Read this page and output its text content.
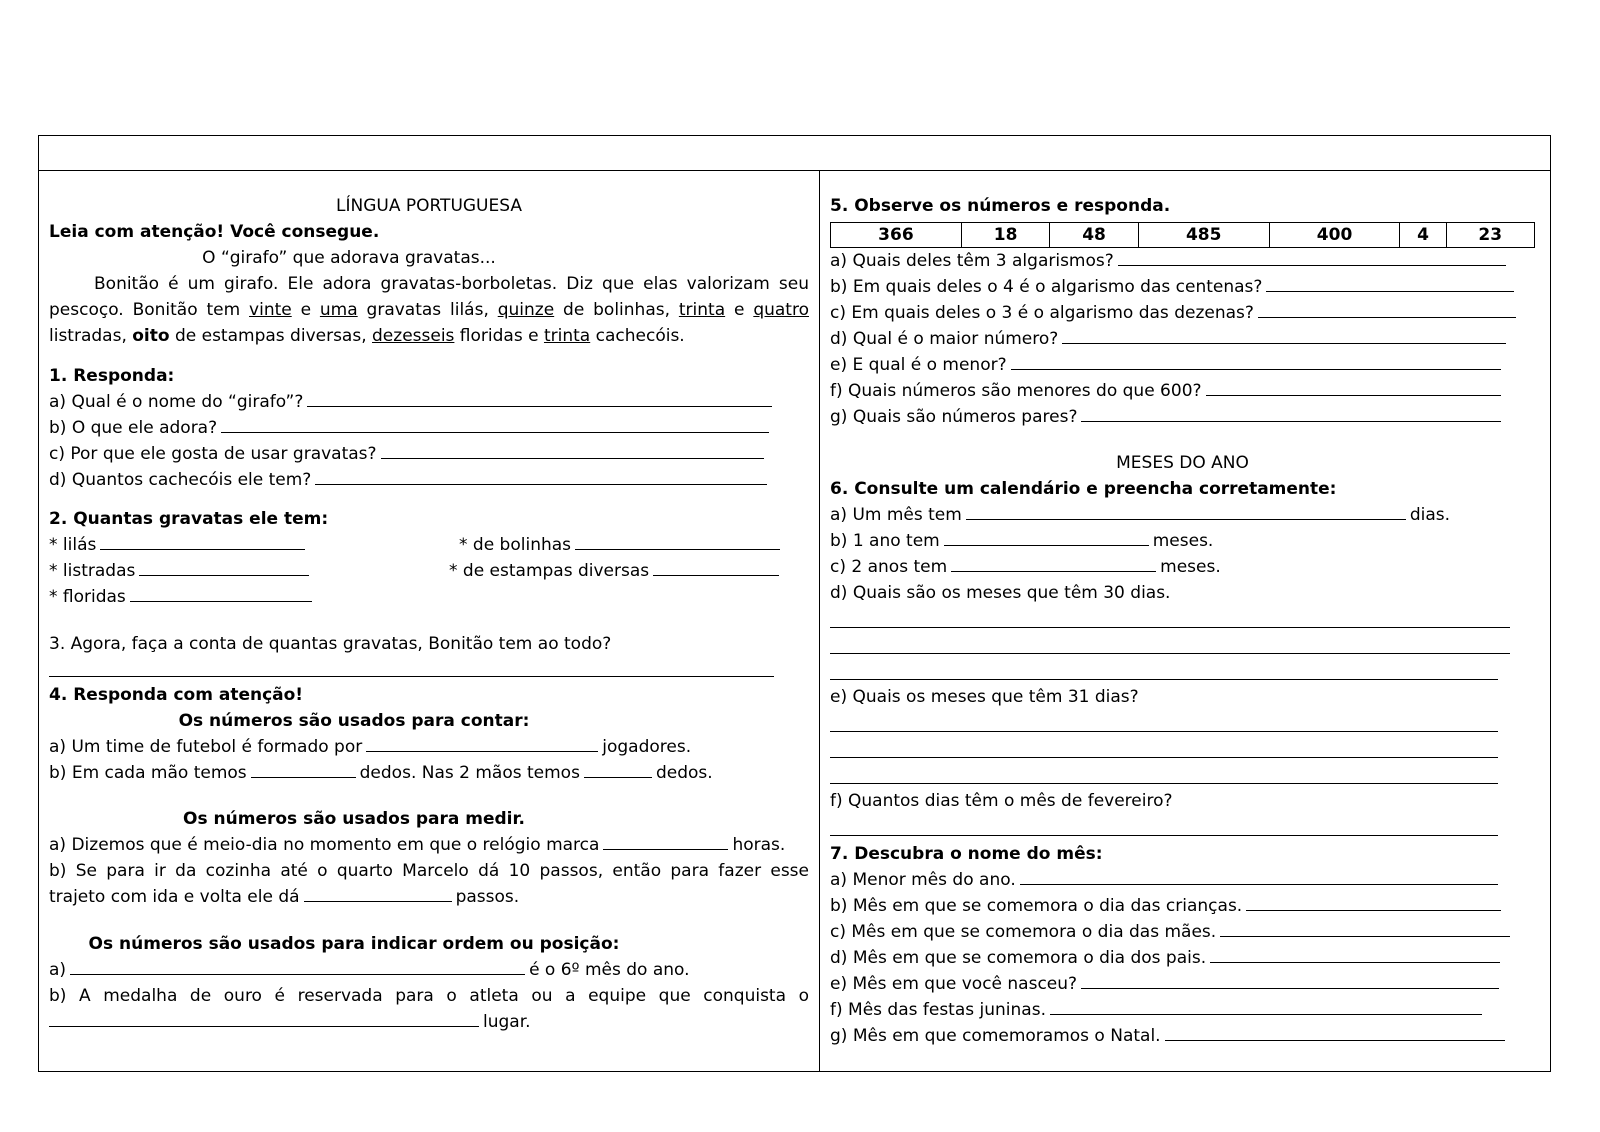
LÍNGUA PORTUGUESA
Leia com atenção! Você consegue.
O “girafo” que adorava gravatas...
Bonitão é um girafo. Ele adora gravatas-borboletas. Diz que elas valorizam seu
pescoço. Bonitão tem vinte e uma gravatas lilás, quinze de bolinhas, trinta e quatro
listradas, oito de estampas diversas, dezesseis floridas e trinta cachecóis.
1. Responda:
a) Qual é o nome do “girafo”?
b) O que ele adora?
c) Por que ele gosta de usar gravatas?
d) Quantos cachecóis ele tem?
2. Quantas gravatas ele tem:
* lilás	* de bolinhas
* listradas	* de estampas diversas
* floridas
3. Agora, faça a conta de quantas gravatas, Bonitão tem ao todo?
4. Responda com atenção!
Os números são usados para contar:
a) Um time de futebol é formado por	jogadores.
b) Em cada mão temos	dedos. Nas 2 mãos temos	dedos.
Os números são usados para medir.
a) Dizemos que é meio-dia no momento em que o relógio marca	horas.
b) Se para ir da cozinha até o quarto Marcelo dá 10 passos, então para fazer esse
trajeto com ida e volta ele dá	passos.
Os números são usados para indicar ordem ou posição:
a)	é o 6º mês do ano.
b) A medalha de ouro é reservada para o atleta ou a equipe que conquista o
lugar.
5. Observe os números e responda.
366	18	48	485	400	4	23
a) Quais deles têm 3 algarismos?
b) Em quais deles o 4 é o algarismo das centenas?
c) Em quais deles o 3 é o algarismo das dezenas?
d) Qual é o maior número?
e) E qual é o menor?
f) Quais números são menores do que 600?
g) Quais são números pares?
MESES DO ANO
6. Consulte um calendário e preencha corretamente:
a) Um mês tem	dias.
b) 1 ano tem	meses.
c) 2 anos tem	meses.
d) Quais são os meses que têm 30 dias.
e) Quais os meses que têm 31 dias?
f) Quantos dias têm o mês de fevereiro?
7. Descubra o nome do mês:
a) Menor mês do ano.
b) Mês em que se comemora o dia das crianças.
c) Mês em que se comemora o dia das mães.
d) Mês em que se comemora o dia dos pais.
e) Mês em que você nasceu?
f) Mês das festas juninas.
g) Mês em que comemoramos o Natal.
